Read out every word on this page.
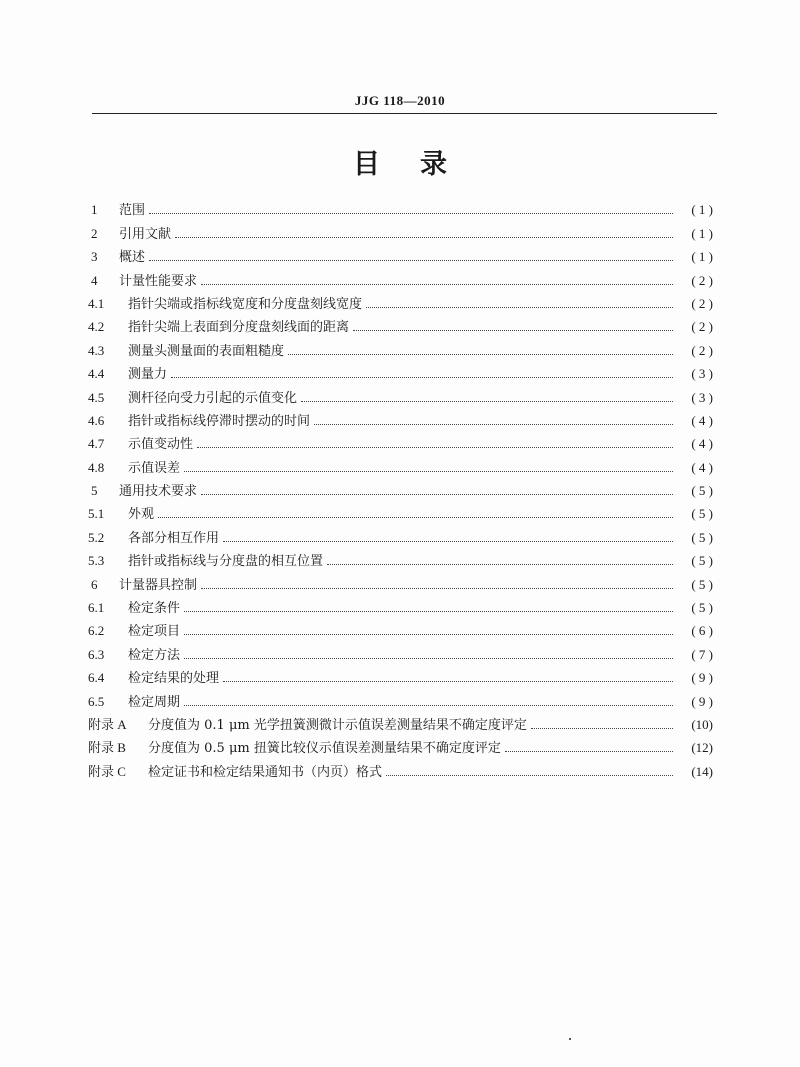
JJG 118—2010
目录
1	范围	( 1 )
2	引用文献	( 1 )
3	概述	( 1 )
4	计量性能要求	( 2 )
4.1	指针尖端或指标线宽度和分度盘刻线宽度	( 2 )
4.2	指针尖端上表面到分度盘刻线面的距离	( 2 )
4.3	测量头测量面的表面粗糙度	( 2 )
4.4	测量力	( 3 )
4.5	测杆径向受力引起的示值变化	( 3 )
4.6	指针或指标线停滞时摆动的时间	( 4 )
4.7	示值变动性	( 4 )
4.8	示值误差	( 4 )
5	通用技术要求	( 5 )
5.1	外观	( 5 )
5.2	各部分相互作用	( 5 )
5.3	指针或指标线与分度盘的相互位置	( 5 )
6	计量器具控制	( 5 )
6.1	检定条件	( 5 )
6.2	检定项目	( 6 )
6.3	检定方法	( 7 )
6.4	检定结果的处理	( 9 )
6.5	检定周期	( 9 )
附录 A	分度值为 0.1 μm 光学扭簧测微计示值误差测量结果不确定度评定	(10)
附录 B	分度值为 0.5 μm 扭簧比较仪示值误差测量结果不确定度评定	(12)
附录 C	检定证书和检定结果通知书（内页）格式	(14)
